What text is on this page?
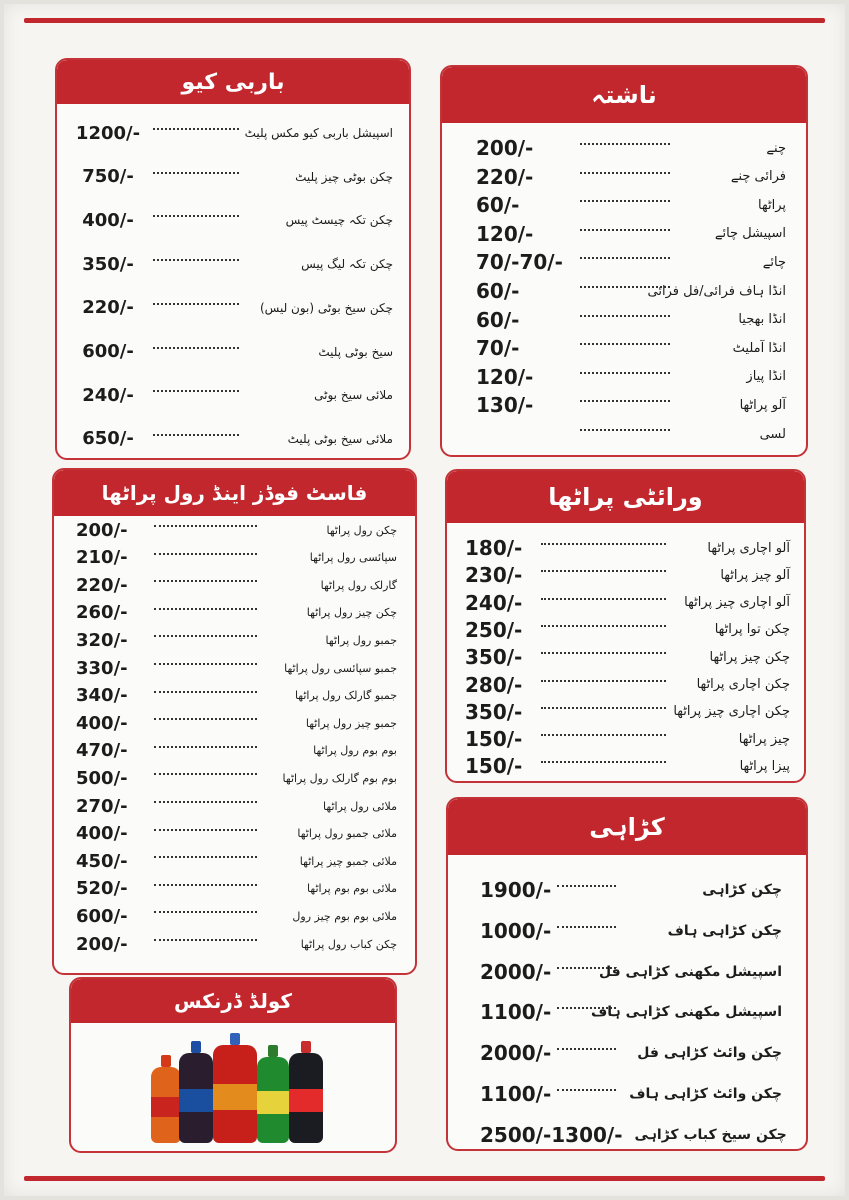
ناشتہ
200/-	چنے
220/-	فرائی چنے
60/-	پراٹھا
120/-	اسپیشل چائے
70/-70/-	چائے
60/-	انڈا ہاف فرائی/فل فرائی
60/-	انڈا بھجیا
70/-	انڈا آملیٹ
120/-	انڈا پیاز
130/-	آلو پراٹھا
لسی
باربی کیو
1200/-	اسپیشل باربی کیو مکس پلیٹ
750/-	چکن بوٹی چیز پلیٹ
400/-	چکن تکہ چیسٹ پیس
350/-	چکن تکہ لیگ پیس
220/-	چکن سیخ بوٹی (بون لیس)
600/-	سیخ بوٹی پلیٹ
240/-	ملائی سیخ بوٹی
650/-	ملائی سیخ بوٹی پلیٹ
ورائٹی پراٹھا
180/-	آلو اچاری پراٹھا
230/-	آلو چیز پراٹھا
240/-	آلو اچاری چیز پراٹھا
250/-	چکن توا پراٹھا
350/-	چکن چیز پراٹھا
280/-	چکن اچاری پراٹھا
350/-	چکن اچاری چیز پراٹھا
150/-	چیز پراٹھا
150/-	پیزا پراٹھا
فاسٹ فوڈز اینڈ رول پراٹھا
200/-	چکن رول پراٹھا
210/-	سپائسی رول پراٹھا
220/-	گارلک رول پراٹھا
260/-	چکن چیز رول پراٹھا
320/-	جمبو رول پراٹھا
330/-	جمبو سپائسی رول پراٹھا
340/-	جمبو گارلک رول پراٹھا
400/-	جمبو چیز رول پراٹھا
470/-	بوم بوم رول پراٹھا
500/-	بوم بوم گارلک رول پراٹھا
270/-	ملائی رول پراٹھا
400/-	ملائی جمبو رول پراٹھا
450/-	ملائی جمبو چیز پراٹھا
520/-	ملائی بوم بوم پراٹھا
600/-	ملائی بوم بوم چیز رول
200/-	چکن کباب رول پراٹھا
کڑاہی
1900/-	چکن کڑاہی
1000/-	چکن کڑاہی ہاف
2000/-	اسپیشل مکھنی کڑاہی فل
1100/-	اسپیشل مکھنی کڑاہی ہاف
2000/-	چکن وائٹ کڑاہی فل
1100/-	چکن وائٹ کڑاہی ہاف
2500/-1300/- چکن سیخ کباب کڑاہی
کولڈ ڈرنکس
